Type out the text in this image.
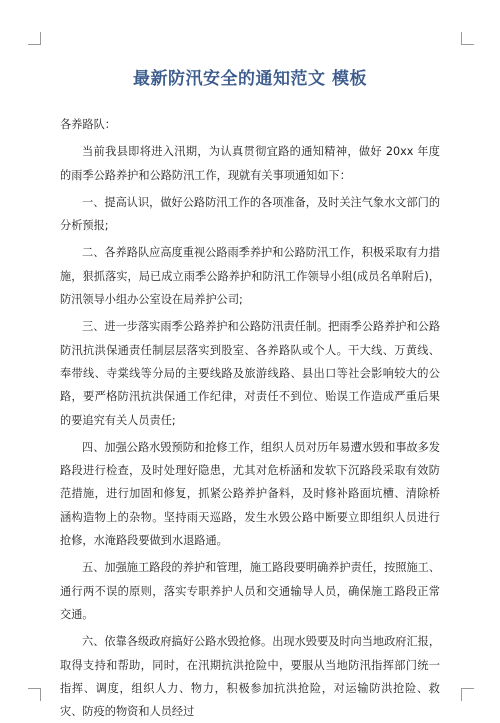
最新防汛安全的通知范文 模板

各养路队：

当前我县即将进入汛期，为认真贯彻宜路的通知精神，做好 20xx 年度的雨季公路养护和公路防汛工作，现就有关事项通知如下：

一、提高认识，做好公路防汛工作的各项准备，及时关注气象水文部门的分析预报;

二、各养路队应高度重视公路雨季养护和公路防汛工作，积极采取有力措施，狠抓落实，局已成立雨季公路养护和防汛工作领导小组(成员名单附后)，防汛领导小组办公室设在局养护公司;

三、进一步落实雨季公路养护和公路防汛责任制。把雨季公路养护和公路防汛抗洪保通责任制层层落实到股室、各养路队或个人。干大线、万黄线、奉带线、寺棠线等分局的主要线路及旅游线路、县出口等社会影响较大的公路，要严格防汛抗洪保通工作纪律，对责任不到位、贻误工作造成严重后果的要追究有关人员责任;

四、加强公路水毁预防和抢修工作，组织人员对历年易遭水毁和事故多发路段进行检查，及时处理好隐患，尤其对危桥涵和发软下沉路段采取有效防范措施，进行加固和修复，抓紧公路养护备料，及时修补路面坑槽、清除桥涵构造物上的杂物。坚持雨天巡路，发生水毁公路中断要立即组织人员进行抢修，水淹路段要做到水退路通。

五、加强施工路段的养护和管理，施工路段要明确养护责任，按照施工、通行两不误的原则，落实专职养护人员和交通输导人员，确保施工路段正常交通。

六、依靠各级政府搞好公路水毁抢修。出现水毁要及时向当地政府汇报，取得支持和帮助，同时，在汛期抗洪抢险中，要服从当地防汛指挥部门统一指挥、调度，组织人力、物力，积极参加抗洪抢险，对运输防洪抢险、救灾、防疫的物资和人员经过
